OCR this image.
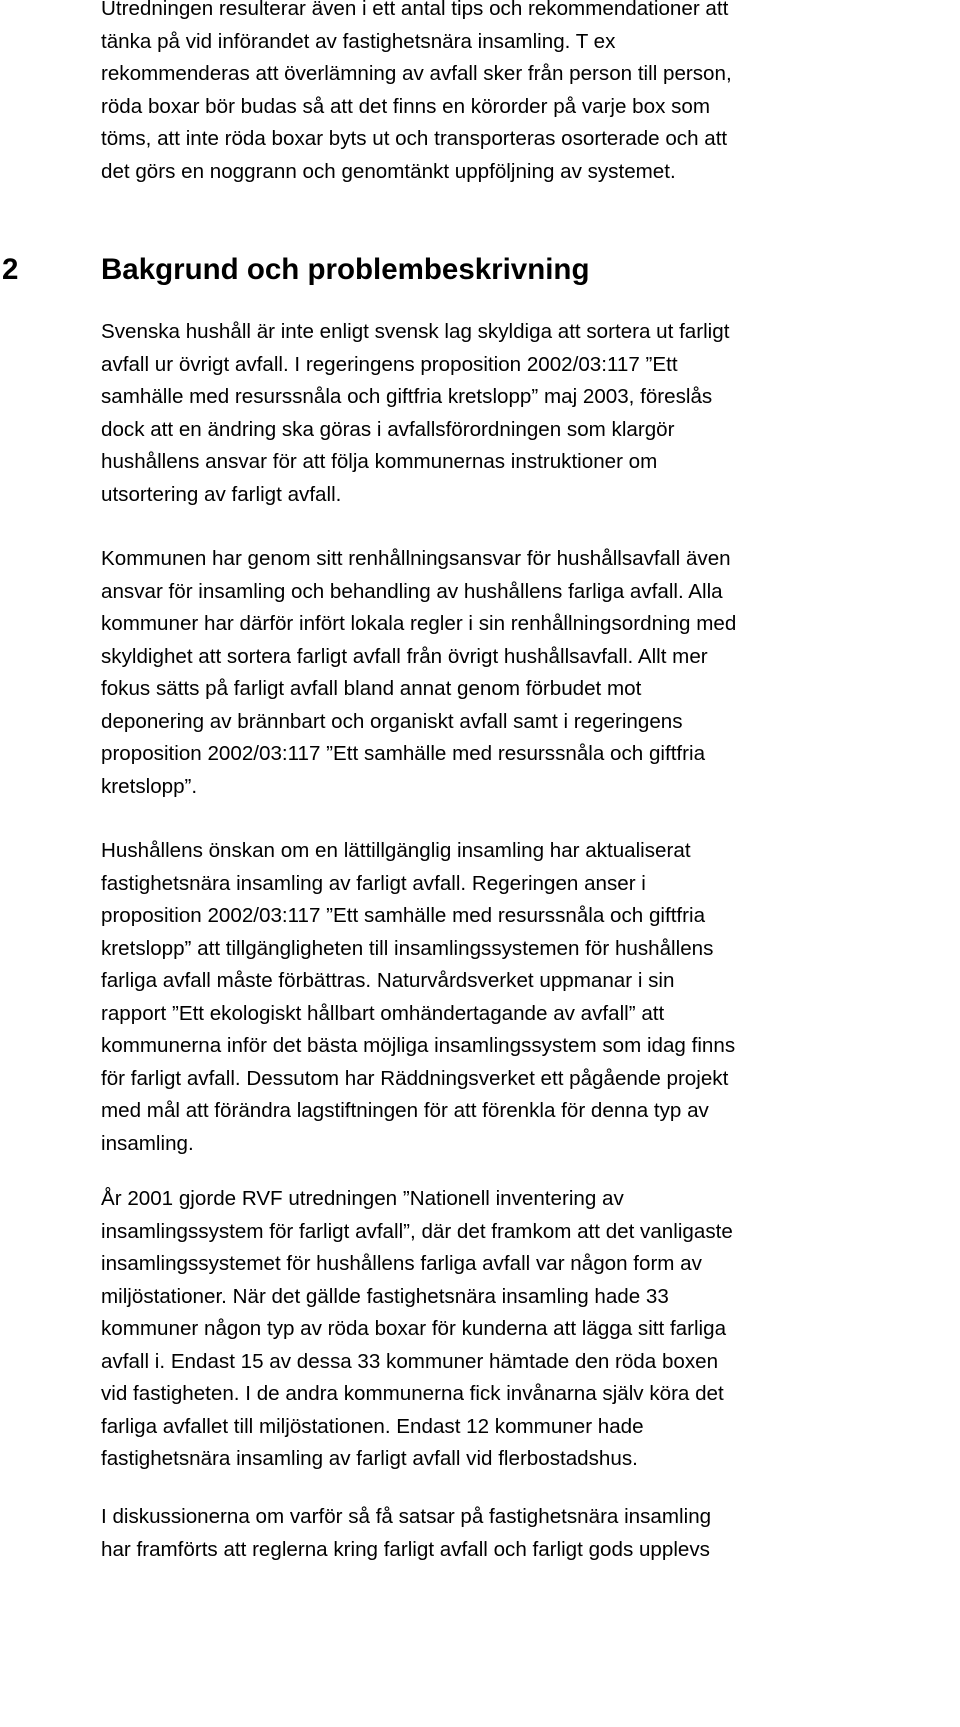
Utredningen resulterar även i ett antal tips och rekommendationer att
tänka på vid införandet av fastighetsnära insamling. T ex
rekommenderas att överlämning av avfall sker från person till person,
röda boxar bör budas så att det finns en körorder på varje box som
töms, att inte röda boxar byts ut och transporteras osorterade och att
det görs en noggrann och genomtänkt uppföljning av systemet.

2	Bakgrund och problembeskrivning

Svenska hushåll är inte enligt svensk lag skyldiga att sortera ut farligt
avfall ur övrigt avfall. I regeringens proposition 2002/03:117 ”Ett
samhälle med resurssnåla och giftfria kretslopp” maj 2003, föreslås
dock att en ändring ska göras i avfallsförordningen som klargör
hushållens ansvar för att följa kommunernas instruktioner om
utsortering av farligt avfall.

Kommunen har genom sitt renhållningsansvar för hushållsavfall även
ansvar för insamling och behandling av hushållens farliga avfall. Alla
kommuner har därför infört lokala regler i sin renhållningsordning med
skyldighet att sortera farligt avfall från övrigt hushållsavfall. Allt mer
fokus sätts på farligt avfall bland annat genom förbudet mot
deponering av brännbart och organiskt avfall samt i regeringens
proposition 2002/03:117 ”Ett samhälle med resurssnåla och giftfria
kretslopp”.

Hushållens önskan om en lättillgänglig insamling har aktualiserat
fastighetsnära insamling av farligt avfall. Regeringen anser i
proposition 2002/03:117 ”Ett samhälle med resurssnåla och giftfria
kretslopp” att tillgängligheten till insamlingssystemen för hushållens
farliga avfall måste förbättras. Naturvårdsverket uppmanar i sin
rapport ”Ett ekologiskt hållbart omhändertagande av avfall” att
kommunerna inför det bästa möjliga insamlingssystem som idag finns
för farligt avfall. Dessutom har Räddningsverket ett pågående projekt
med mål att förändra lagstiftningen för att förenkla för denna typ av
insamling.

År 2001 gjorde RVF utredningen ”Nationell inventering av
insamlingssystem för farligt avfall”, där det framkom att det vanligaste
insamlingssystemet för hushållens farliga avfall var någon form av
miljöstationer. När det gällde fastighetsnära insamling hade 33
kommuner någon typ av röda boxar för kunderna att lägga sitt farliga
avfall i. Endast 15 av dessa 33 kommuner hämtade den röda boxen
vid fastigheten. I de andra kommunerna fick invånarna själv köra det
farliga avfallet till miljöstationen. Endast 12 kommuner hade
fastighetsnära insamling av farligt avfall vid flerbostadshus.

I diskussionerna om varför så få satsar på fastighetsnära insamling
har framförts att reglerna kring farligt avfall och farligt gods upplevs
